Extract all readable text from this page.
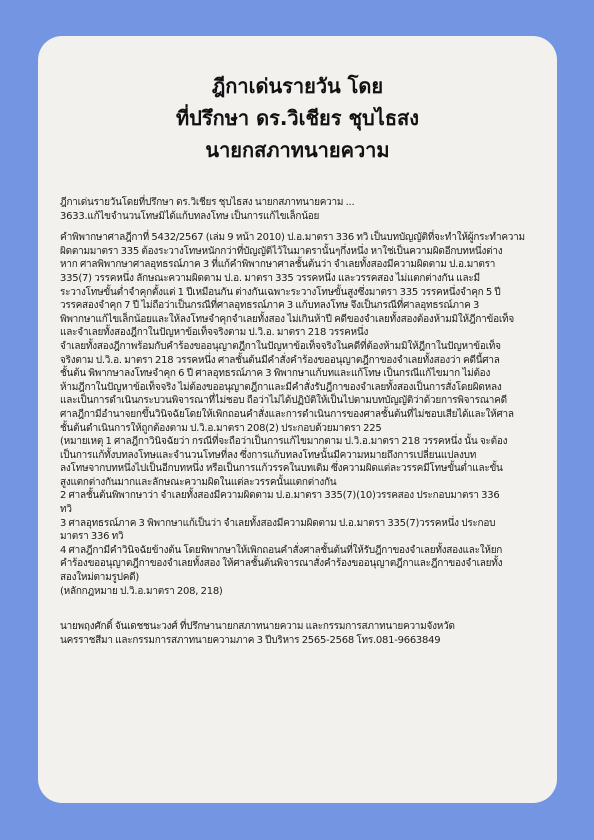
ฎีกาเด่นรายวัน โดย
ที่ปรึกษา ดร.วิเชียร ชุบไธสง
นายกสภาทนายความ
ฎีกาเด่นรายวันโดยที่ปรึกษา ดร.วิเชียร ชุบไธสง นายกสภาทนายความ ...
3633.แก้ไขจำนวนโทษมิได้แก้บทลงโทษ เป็นการแก้ไขเล็กน้อย
คำพิพากษาศาลฎีกาที่ 5432/2567 (เล่ม 9 หน้า 2010) ป.อ.มาตรา 336 ทวิ เป็นบทบัญญัติที่จะทำให้ผู้กระทำความ
ผิดตามมาตรา 335 ต้องระวางโทษหนักกว่าที่บัญญัติไว้ในมาตรานั้นๆกึ่งหนึ่ง หาใช่เป็นความผิดอีกบทหนึ่งต่าง
หาก ศาลพิพากษาศาลอุทธรณ์ภาค 3 ที่แก้คำพิพากษาศาลชั้นต้นว่า จำเลยทั้งสองมีความผิดตาม ป.อ.มาตรา
335(7) วรรคหนึ่ง ลักษณะความผิดตาม ป.อ. มาตรา 335 วรรคหนึ่ง และวรรคสอง ไม่แตกต่างกัน และมี
ระวางโทษขั้นต่ำจำคุกตั้งแต่ 1 ปีเหมือนกัน ต่างกันเฉพาะระวางโทษขั้นสูงซึ่งมาตรา 335 วรรคหนึ่งจำคุก 5 ปี
วรรคสองจำคุก 7 ปี ไม่ถือว่าเป็นกรณีที่ศาลอุทธรณ์ภาค 3 แก้บทลงโทษ จึงเป็นกรณีที่ศาลอุทธรณ์ภาค 3
พิพากษาแก้ไขเล็กน้อยและให้ลงโทษจำคุกจำเลยทั้งสอง ไม่เกินห้าปี คดีของจำเลยทั้งสองต้องห้ามมิให้ฎีกาข้อเท็จ
และจำเลยทั้งสองฎีกาในปัญหาข้อเท็จจริงตาม ป.วิ.อ. มาตรา 218 วรรคหนึ่ง
จำเลยทั้งสองฎีกาพร้อมกับคำร้องขออนุญาตฎีกาในปัญหาข้อเท็จจริงในคดีที่ต้องห้ามมิให้ฎีกาในปัญหาข้อเท็จ
จริงตาม ป.วิ.อ. มาตรา 218 วรรคหนึ่ง ศาลชั้นต้นมีคำสั่งคำร้องขออนุญาตฎีกาของจำเลยทั้งสองว่า คดีนี้ศาล
ชั้นต้น พิพากษาลงโทษจำคุก 6 ปี ศาลอุทธรณ์ภาค 3 พิพากษาแก้บทและแก้โทษ เป็นกรณีแก้ไขมาก ไม่ต้อง
ห้ามฎีกาในปัญหาข้อเท็จจริง ไม่ต้องขออนุญาตฎีกาและมีคำสั่งรับฎีกาของจำเลยทั้งสองเป็นการสั่งโดยผิดหลง
และเป็นการดำเนินกระบวนพิจารณาที่ไม่ชอบ ถือว่าไม่ได้ปฏิบัติให้เป็นไปตามบทบัญญัติว่าด้วยการพิจารณาคดี
ศาลฎีกามีอำนาจยกขึ้นวินิจฉัยโดยให้เพิกถอนคำสั่งและการดำเนินการของศาลชั้นต้นที่ไม่ชอบเสียได้และให้ศาล
ชั้นต้นดำเนินการให้ถูกต้องตาม ป.วิ.อ.มาตรา 208(2) ประกอบด้วยมาตรา 225
(หมายเหตุ 1 ศาลฎีกาวินิจฉัยว่า กรณีที่จะถือว่าเป็นการแก้ไขมากตาม ป.วิ.อ.มาตรา 218 วรรคหนึ่ง นั้น จะต้อง
เป็นการแก้ทั้งบทลงโทษและจำนวนโทษที่ลง ซึ่งการแก้บทลงโทษนั้นมีความหมายถึงการเปลี่ยนแปลงบท
ลงโทษจากบทหนึ่งไปเป็นอีกบทหนึ่ง หรือเป็นการแก้วรรคในบทเดิม ซึ่งความผิดแต่ละวรรคมีโทษขั้นต่ำและขั้น
สูงแตกต่างกันมากและลักษณะความผิดในแต่ละวรรคนั้นแตกต่างกัน
2 ศาลชั้นต้นพิพากษาว่า จำเลยทั้งสองมีความผิดตาม ป.อ.มาตรา 335(7)(10)วรรคสอง ประกอบมาตรา 336
ทวิ
3 ศาลอุทธรณ์ภาค 3 พิพากษาแก้เป็นว่า จำเลยทั้งสองมีความผิดตาม ป.อ.มาตรา 335(7)วรรคหนึ่ง ประกอบ
มาตรา 336 ทวิ
4 ศาลฎีกามีคำวินิจฉัยข้างต้น โดยพิพากษาให้เพิกถอนคำสั่งศาลชั้นต้นที่ให้รับฎีกาของจำเลยทั้งสองและให้ยก
คำร้องขออนุญาตฎีกาของจำเลยทั้งสอง ให้ศาลชั้นต้นพิจารณาสั่งคำร้องขออนุญาตฎีกาและฎีกาของจำเลยทั้ง
สองใหม่ตามรูปคดี)
(หลักกฎหมาย ป.วิ.อ.มาตรา 208, 218)
นายพฤงศักดิ์ จันเดชชนะวงศ์ ที่ปรึกษานายกสภาทนายความ และกรรมการสภาทนายความจังหวัด
นครราชสีมา และกรรมการสภาทนายความภาค 3 ปีบริหาร 2565-2568 โทร.081-9663849
